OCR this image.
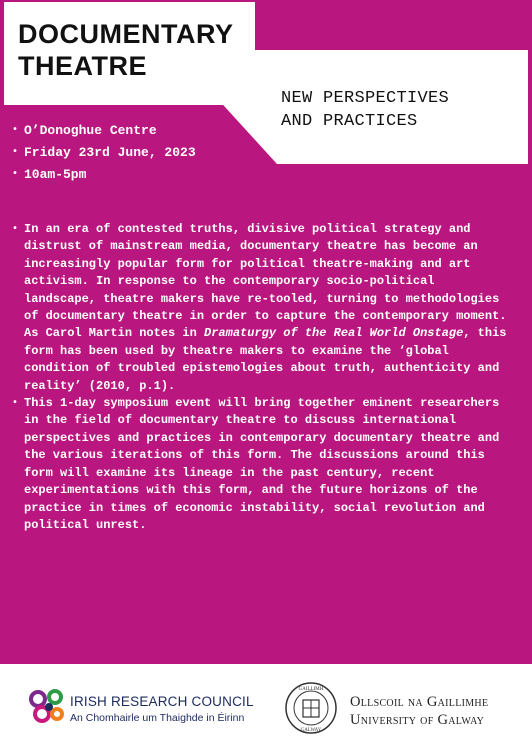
DOCUMENTARY
THEATRE
NEW PERSPECTIVES
AND PRACTICES
• O’Donoghue Centre
• Friday 23rd June, 2023
• 10am-5pm
• In an era of contested truths, divisive political strategy and distrust of mainstream media, documentary theatre has become an increasingly popular form for political theatre-making and art activism. In response to the contemporary socio-political landscape, theatre makers have re-tooled, turning to methodologies of documentary theatre in order to capture the contemporary moment. As Carol Martin notes in Dramaturgy of the Real World Onstage, this form has been used by theatre makers to examine the ‘global condition of troubled epistemologies about truth, authenticity and reality’ (2010, p.1).
• This 1-day symposium event will bring together eminent researchers in the field of documentary theatre to discuss international perspectives and practices in contemporary documentary theatre and the various iterations of this form. The discussions around this form will examine its lineage in the past century, recent experimentations with this form, and the future horizons of the practice in times of economic instability, social revolution and political unrest.
IRISH RESEARCH COUNCIL
An Chomhairle um Thaighde in Éirinn
GAILLIMH
GALWAY
Ollscoil na Gaillimhe
University of Galway
